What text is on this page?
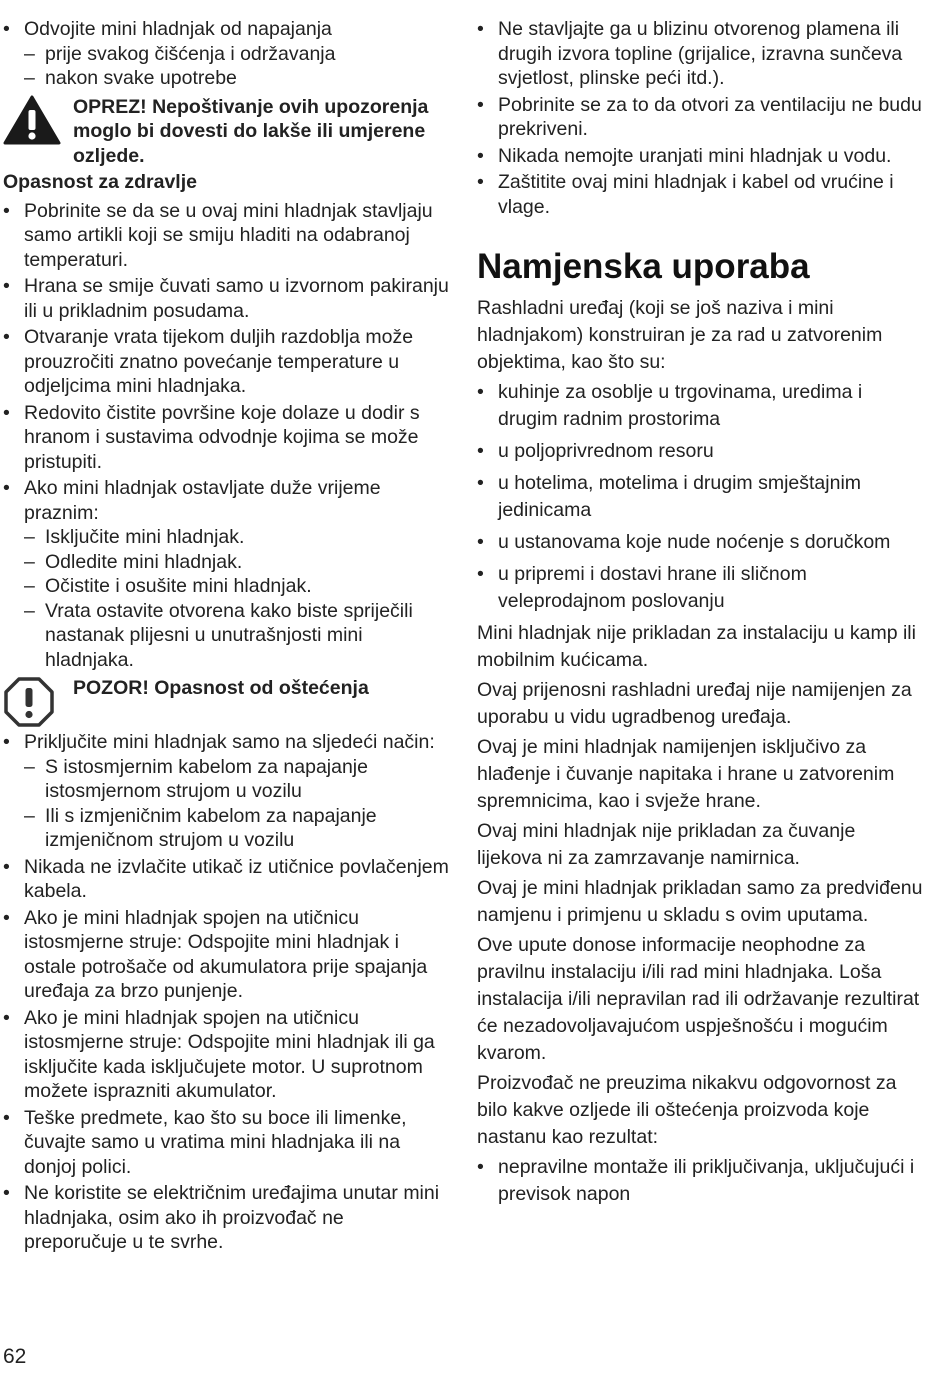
• Odvojite mini hladnjak od napajanja
– prije svakog čišćenja i održavanja
– nakon svake upotrebe
OPREZ! Nepoštivanje ovih upozorenja moglo bi dovesti do lakše ili umjerene ozljede.
Opasnost za zdravlje
• Pobrinite se da se u ovaj mini hladnjak stavljaju samo artikli koji se smiju hladiti na odabranoj temperaturi.
• Hrana se smije čuvati samo u izvornom pakiranju ili u prikladnim posudama.
• Otvaranje vrata tijekom duljih razdoblja može prouzročiti znatno povećanje temperature u odjeljcima mini hladnjaka.
• Redovito čistite površine koje dolaze u dodir s hranom i sustavima odvodnje kojima se može pristupiti.
• Ako mini hladnjak ostavljate duže vrijeme praznim:
– Isključite mini hladnjak.
– Odledite mini hladnjak.
– Očistite i osušite mini hladnjak.
– Vrata ostavite otvorena kako biste spriječili nastanak plijesni u unutrašnjosti mini hladnjaka.
POZOR! Opasnost od oštećenja
• Priključite mini hladnjak samo na sljedeći način:
– S istosmjernim kabelom za napajanje istosmjernom strujom u vozilu
– Ili s izmjeničnim kabelom za napajanje izmjeničnom strujom u vozilu
• Nikada ne izvlačite utikač iz utičnice povlačenjem kabela.
• Ako je mini hladnjak spojen na utičnicu istosmjerne struje: Odspojite mini hladnjak i ostale potrošače od akumulatora prije spajanja uređaja za brzo punjenje.
• Ako je mini hladnjak spojen na utičnicu istosmjerne struje: Odspojite mini hladnjak ili ga isključite kada isključujete motor. U suprotnom možete isprazniti akumulator.
• Teške predmete, kao što su boce ili limenke, čuvajte samo u vratima mini hladnjaka ili na donjoj polici.
• Ne koristite se električnim uređajima unutar mini hladnjaka, osim ako ih proizvođač ne preporučuje u te svrhe.
• Ne stavljajte ga u blizinu otvorenog plamena ili drugih izvora topline (grijalice, izravna sunčeva svjetlost, plinske peći itd.).
• Pobrinite se za to da otvori za ventilaciju ne budu prekriveni.
• Nikada nemojte uranjati mini hladnjak u vodu.
• Zaštitite ovaj mini hladnjak i kabel od vrućine i vlage.
Namjenska uporaba

Rashladni uređaj (koji se još naziva i mini hladnjakom) konstruiran je za rad u zatvorenim objektima, kao što su:

• kuhinje za osoblje u trgovinama, uredima i drugim radnim prostorima
• u poljoprivrednom resoru
• u hotelima, motelima i drugim smještajnim jedinicama
• u ustanovama koje nude noćenje s doručkom
• u pripremi i dostavi hrane ili sličnom veleprodajnom poslovanju

Mini hladnjak nije prikladan za instalaciju u kamp ili mobilnim kućicama.

Ovaj prijenosni rashladni uređaj nije namijenjen za uporabu u vidu ugradbenog uređaja.

Ovaj je mini hladnjak namijenjen isključivo za hlađenje i čuvanje napitaka i hrane u zatvorenim spremnicima, kao i svježe hrane.

Ovaj mini hladnjak nije prikladan za čuvanje lijekova ni za zamrzavanje namirnica.

Ovaj je mini hladnjak prikladan samo za predviđenu namjenu i primjenu u skladu s ovim uputama.

Ove upute donose informacije neophodne za pravilnu instalaciju i/ili rad mini hladnjaka. Loša instalacija i/ili nepravilan rad ili održavanje rezultirat će nezadovoljavajućom uspješnošću i mogućim kvarom.

Proizvođač ne preuzima nikakvu odgovornost za bilo kakve ozljede ili oštećenja proizvoda koje nastanu kao rezultat:

• nepravilne montaže ili priključivanja, uključujući i previsok napon
62
